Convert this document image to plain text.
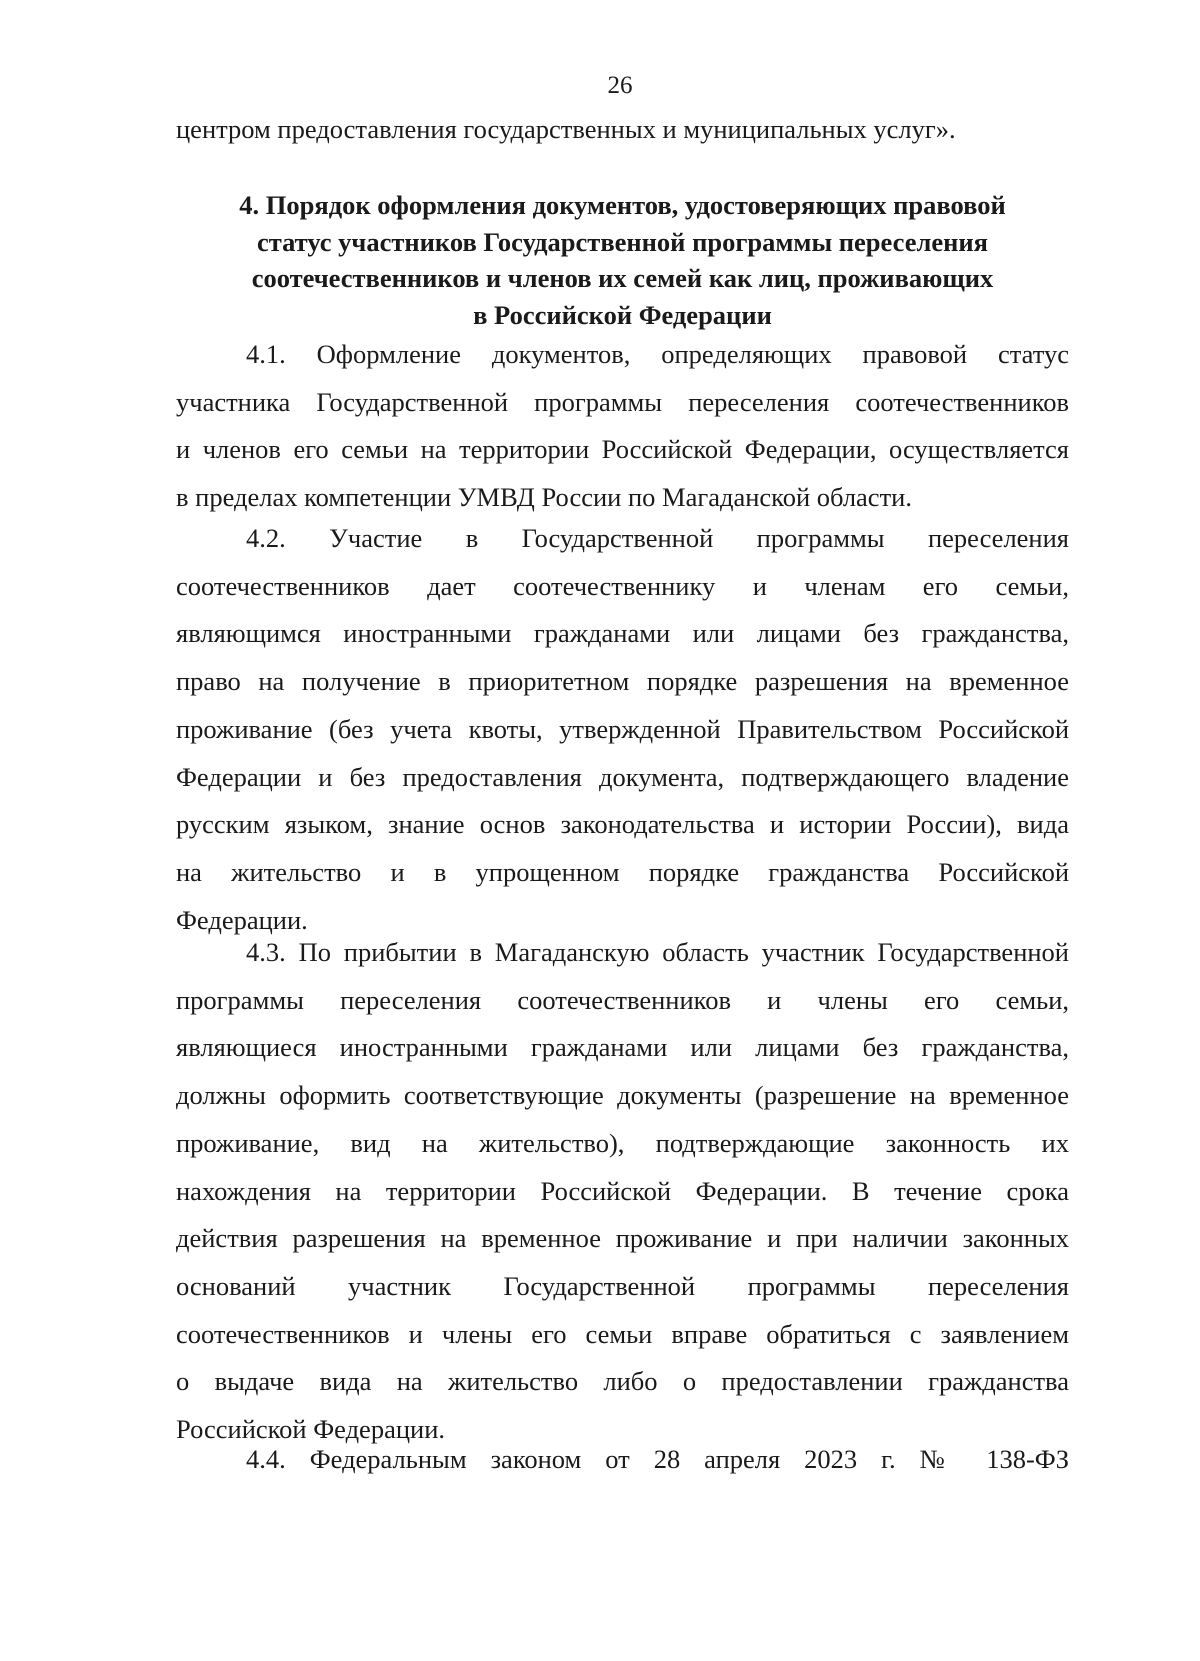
26
центром предоставления государственных и муниципальных услуг».
4. Порядок оформления документов, удостоверяющих правовой
статус участников Государственной программы переселения
соотечественников и членов их семей как лиц, проживающих
в Российской Федерации
4.1. Оформление документов, определяющих правовой статус
участника Государственной программы переселения соотечественников
и членов его семьи на территории Российской Федерации, осуществляется
в пределах компетенции УМВД России по Магаданской области.
4.2. Участие в Государственной программы переселения
соотечественников дает соотечественнику и членам его семьи,
являющимся иностранными гражданами или лицами без гражданства,
право на получение в приоритетном порядке разрешения на временное
проживание (без учета квоты, утвержденной Правительством Российской
Федерации и без предоставления документа, подтверждающего владение
русским языком, знание основ законодательства и истории России), вида
на жительство и в упрощенном порядке гражданства Российской
Федерации.
4.3. По прибытии в Магаданскую область участник Государственной
программы переселения соотечественников и члены его семьи,
являющиеся иностранными гражданами или лицами без гражданства,
должны оформить соответствующие документы (разрешение на временное
проживание, вид на жительство), подтверждающие законность их
нахождения на территории Российской Федерации. В течение срока
действия разрешения на временное проживание и при наличии законных
оснований участник Государственной программы переселения
соотечественников и члены его семьи вправе обратиться с заявлением
о выдаче вида на жительство либо о предоставлении гражданства
Российской Федерации.
4.4. Федеральным законом от 28 апреля 2023 г. № 138-ФЗ
